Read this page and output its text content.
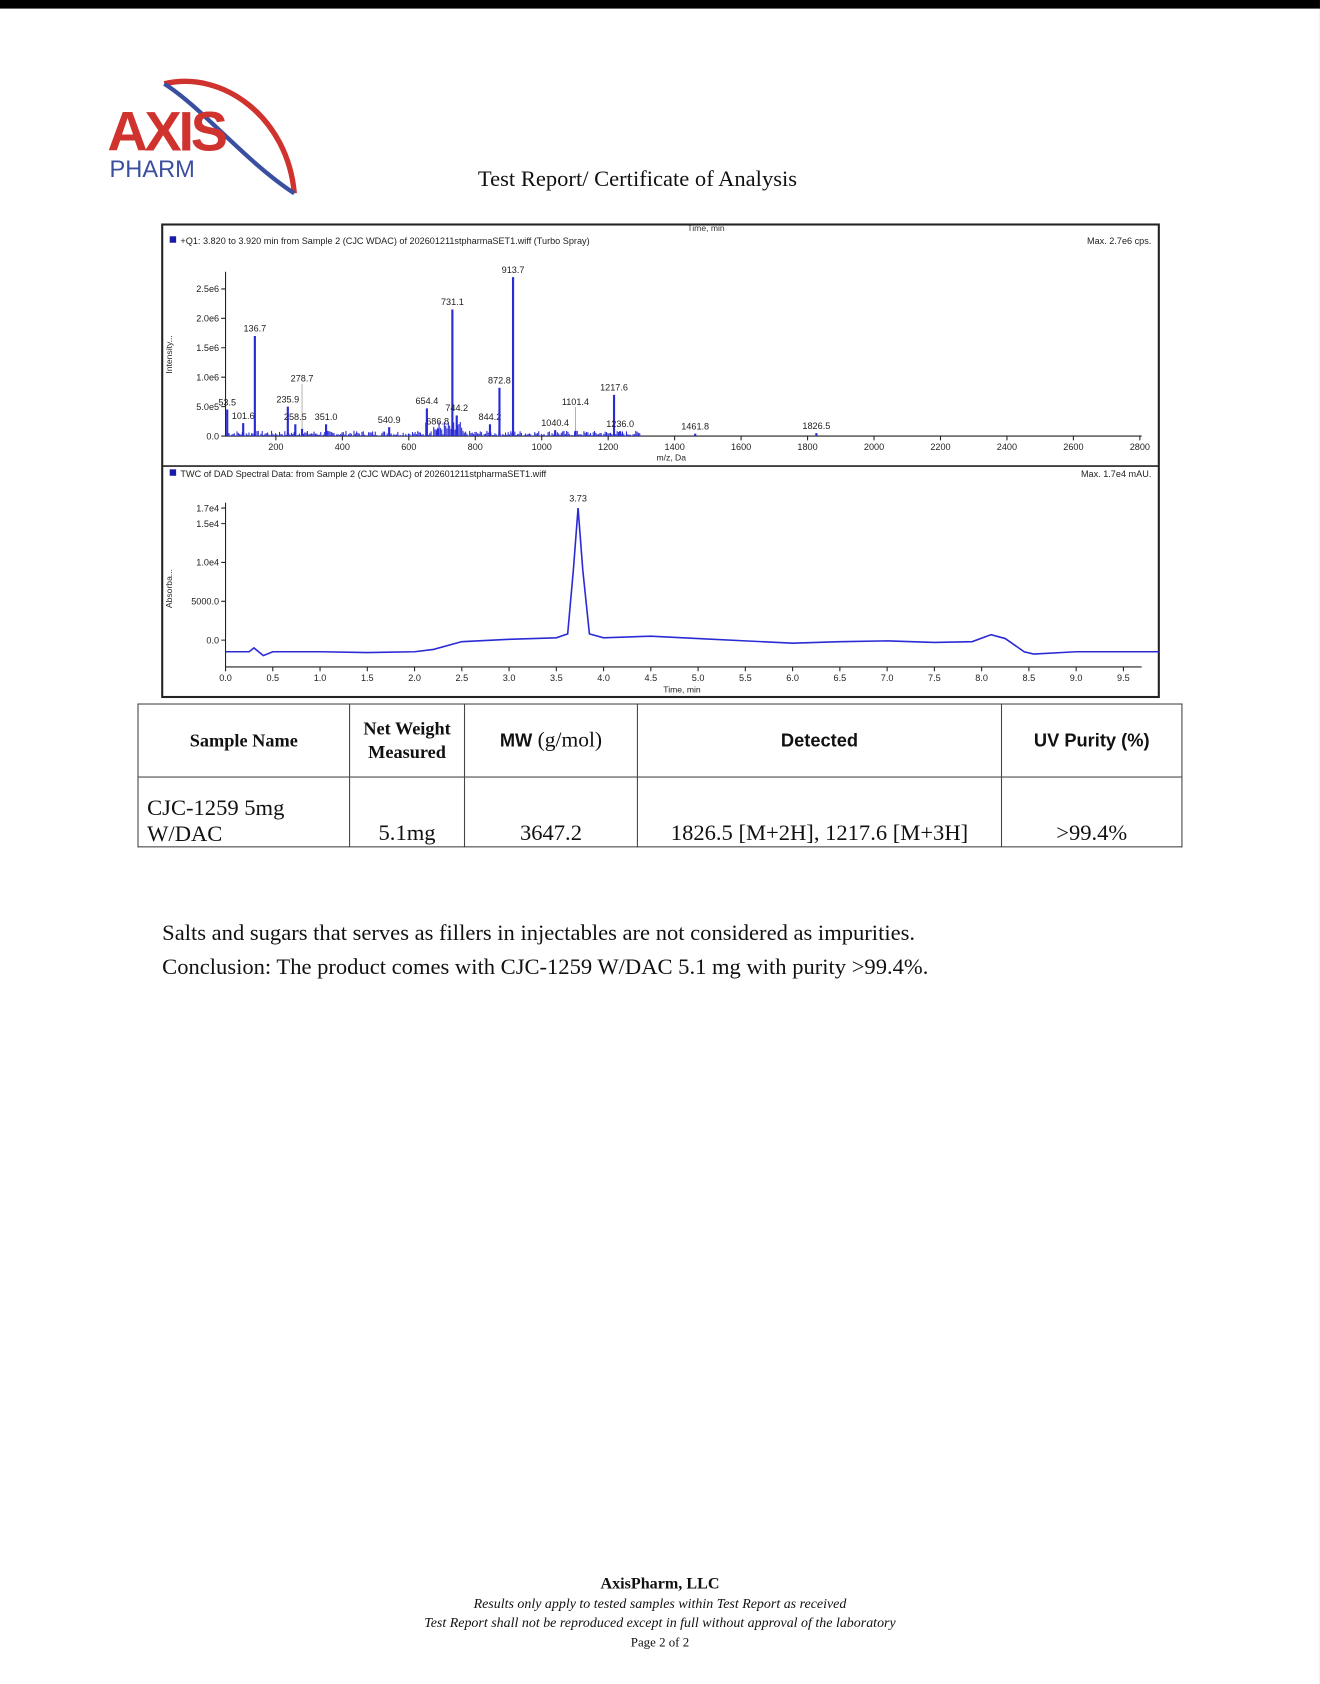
AXIS
PHARM	Test Report/ Certificate of Analysis
Time, min
+Q1: 3.820 to 3.920 min from Sample 2 (CJC WDAC) of 202601211stpharmaSET1.wiff (Turbo Spray)	Max. 2.7e6 cps.
200	400	600	800	1000	1200	1400	1600	1800	2000	2200	2400	2600	2800
0.0
5.0e5
1.0e6
1.5e6
2.0e6
2.5e6
m/z, Da
Intensity...
53.5
101.6
136.7
235.9
258.5
278.7
351.0	540.9
654.4
686.8
731.1
744.2
844.2
872.8
913.7
1040.4
1101.4
1217.6
1236.0	1461.8	1826.5
TWC of DAD Spectral Data: from Sample 2 (CJC WDAC) of 202601211stpharmaSET1.wiff	Max. 1.7e4 mAU.
0.0	0.5	1.0	1.5	2.0	2.5	3.0	3.5	4.0	4.5	5.0	5.5	6.0	6.5	7.0	7.5	8.0	8.5	9.0	9.5
0.0
5000.0
1.0e4
1.5e4
1.7e4
Time, min
Absorba...
3.73
Sample Name	Net Weight Measured	MW (g/mol)	Detected	UV Purity (%)
CJC-1259 5mg W/DAC	5.1mg	3647.2	1826.5 [M+2H], 1217.6 [M+3H]	>99.4%
Salts and sugars that serves as fillers in injectables are not considered as impurities.
Conclusion: The product comes with CJC-1259 W/DAC 5.1 mg with purity >99.4%.
AxisPharm, LLC
Results only apply to tested samples within Test Report as received
Test Report shall not be reproduced except in full without approval of the laboratory
Page 2 of 2
